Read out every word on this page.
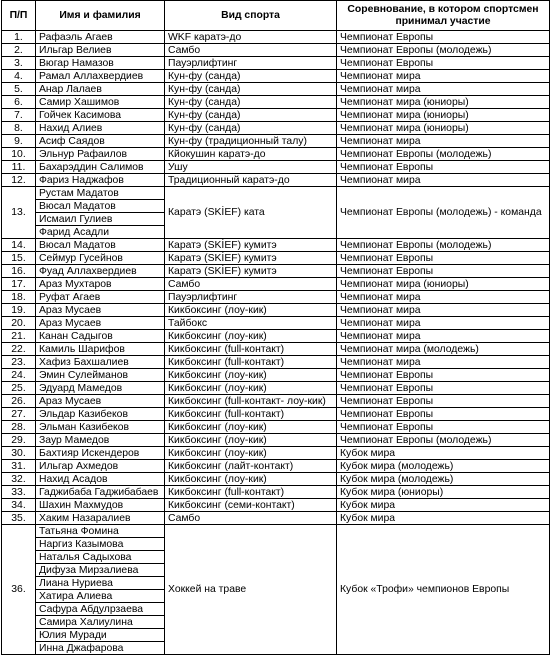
П/П	Имя и фамилия	Вид спорта	Соревнование, в котором спортсмен принимал участие
1.	Рафаэль Агаев	WKF каратэ-до	Чемпионат Европы
2.	Ильгар Велиев	Самбо	Чемпионат Европы (молодежь)
3.	Вюгар Намазов	Пауэрлифтинг	Чемпионат Европы
4.	Рамал Аллахвердиев	Кун-фу (санда)	Чемпионат мира
5.	Анар Лалаев	Кун-фу (санда)	Чемпионат мира
6.	Самир Хашимов	Кун-фу (санда)	Чемпионат мира (юниоры)
7.	Гойчек Касимова	Кун-фу (санда)	Чемпионат мира (юниоры)
8.	Нахид Алиев	Кун-фу (санда)	Чемпионат мира (юниоры)
9.	Асиф Саядов	Кун-фу (традиционный талу)	Чемпионат мира
10.	Эльнур Рафаилов	Кйокушин каратэ-до	Чемпионат Европы (молодежь)
11.	Бахарэддин Салимов	Ушу	Чемпионат Европы
12.	Фариз Наджафов	Традиционный каратэ-до	Чемпионат мира
13.	Рустам Мадатов	Каратэ (SKİEF) ката	Чемпионат Европы (молодежь) - команда
	Вюсал Мадатов		
	Исмаил Гулиев		
	Фарид Асадли		
14.	Вюсал Мадатов	Каратэ (SKİEF) кумитэ	Чемпионат Европы (молодежь)
15.	Сеймур Гусейнов	Каратэ (SKİEF) кумитэ	Чемпионат Европы
16.	Фуад Аллахвердиев	Каратэ (SKİEF) кумитэ	Чемпионат Европы
17.	Араз Мухтаров	Самбо	Чемпионат мира (юниоры)
18.	Руфат Агаев	Пауэрлифтинг	Чемпионат мира
19.	Араз Мусаев	Кикбоксинг (лоу-кик)	Чемпионат мира
20.	Араз Мусаев	Тайбокс	Чемпионат мира
21.	Канан Садыгов	Кикбоксинг (лоу-кик)	Чемпионат мира
22.	Камиль Шарифов	Кикбоксинг (full-контакт)	Чемпионат мира (молодежь)
23.	Хафиз Бахшалиев	Кикбоксинг (full-контакт)	Чемпионат мира
24.	Эмин Сулейманов	Кикбоксинг (лоу-кик)	Чемпионат Европы
25.	Эдуард Мамедов	Кикбоксинг (лоу-кик)	Чемпионат Европы
26.	Араз Мусаев	Кикбоксинг (full-контакт- лоу-кик)	Чемпионат Европы
27.	Эльдар Казибеков	Кикбоксинг (full-контакт)	Чемпионат Европы
28.	Эльман Казибеков	Кикбоксинг (лоу-кик)	Чемпионат Европы
29.	Заур Мамедов	Кикбоксинг (лоу-кик)	Чемпионат Европы (молодежь)
30.	Бахтияр Искендеров	Кикбоксинг (лоу-кик)	Кубок мира
31.	Ильгар Ахмедов	Кикбоксинг (лайт-контакт)	Кубок мира (молодежь)
32.	Нахид Асадов	Кикбоксинг (лоу-кик)	Кубок мира (молодежь)
33.	Гаджибаба Гаджибабаев	Кикбоксинг (full-контакт)	Кубок мира (юниоры)
34.	Шахин Махмудов	Кикбоксинг (семи-контакт)	Кубок мира
35.	Хаким Назаралиев	Самбо	Кубок мира
36.	Татьяна Фомина	Хоккей на траве	Кубок «Трофи» чемпионов Европы
	Наргиз Казымова		
	Наталья Садыхова		
	Дифуза Мирзалиева		
	Лиана Нуриева		
	Хатира Алиева		
	Сафура Абдулрзаева		
	Самира Халиулина		
	Юлия Муради		
	Инна Джафарова		
